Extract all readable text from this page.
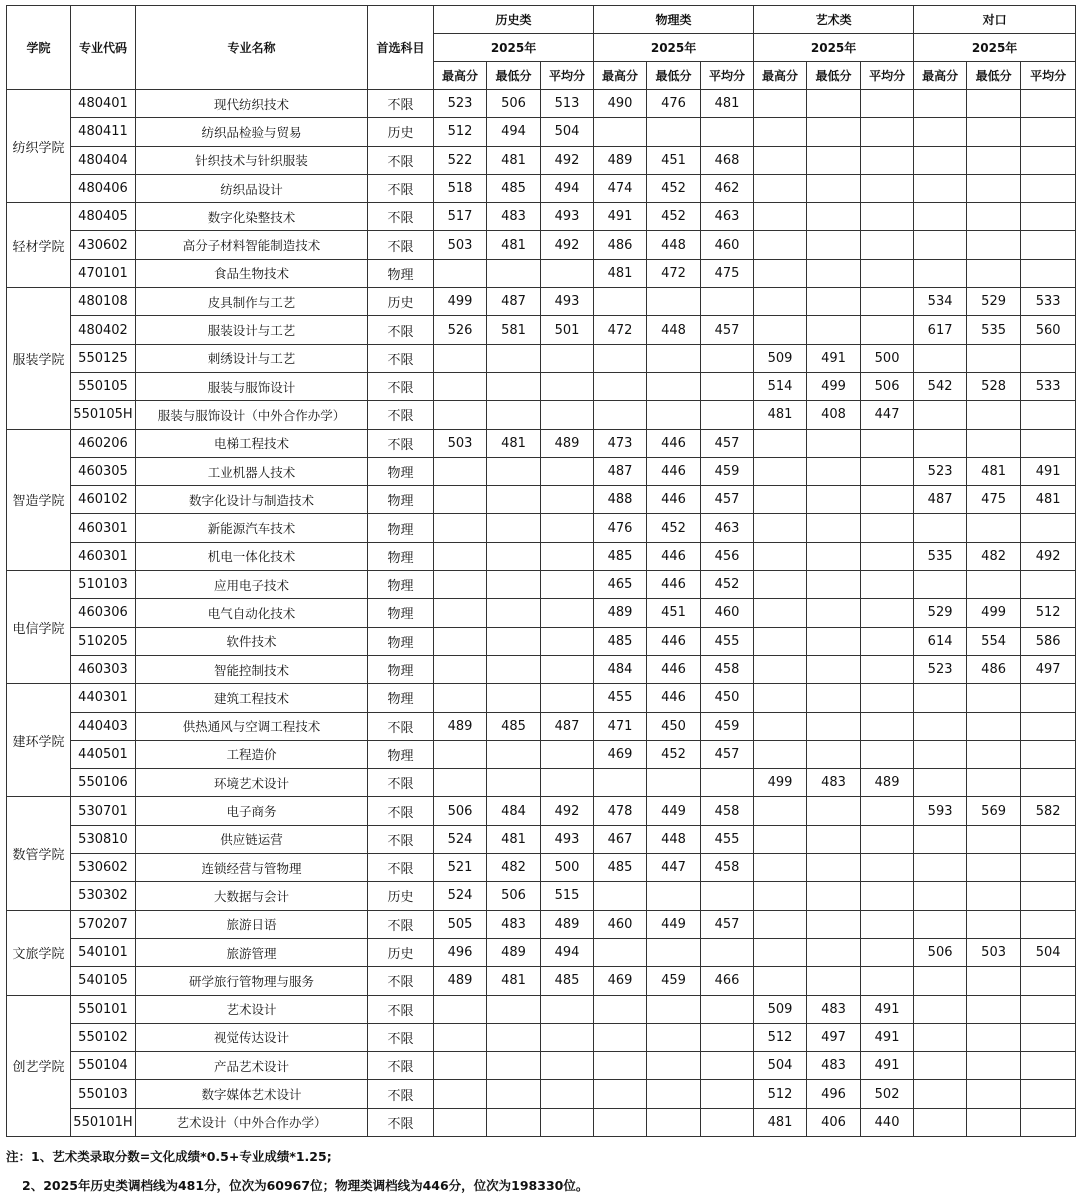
学院	专业代码	专业名称	首选科目	历史类			物理类			艺术类			对口		
				2025年			2025年			2025年			2025年		
				最高分	最低分	平均分	最高分	最低分	平均分	最高分	最低分	平均分	最高分	最低分	平均分
纺织学院	480401	现代纺织技术	不限	523	506	513	490	476	481						
	480411	纺织品检验与贸易	历史	512	494	504									
	480404	针织技术与针织服装	不限	522	481	492	489	451	468						
	480406	纺织品设计	不限	518	485	494	474	452	462						
轻材学院	480405	数字化染整技术	不限	517	483	493	491	452	463						
	430602	高分子材料智能制造技术	不限	503	481	492	486	448	460						
	470101	食品生物技术	物理				481	472	475						
服装学院	480108	皮具制作与工艺	历史	499	487	493							534	529	533
	480402	服装设计与工艺	不限	526	581	501	472	448	457				617	535	560
	550125	刺绣设计与工艺	不限							509	491	500			
	550105	服装与服饰设计	不限							514	499	506	542	528	533
	550105H	服装与服饰设计（中外合作办学）	不限							481	408	447			
智造学院	460206	电梯工程技术	不限	503	481	489	473	446	457						
	460305	工业机器人技术	物理				487	446	459				523	481	491
	460102	数字化设计与制造技术	物理				488	446	457				487	475	481
	460301	新能源汽车技术	物理				476	452	463						
	460301	机电一体化技术	物理				485	446	456				535	482	492
电信学院	510103	应用电子技术	物理				465	446	452						
	460306	电气自动化技术	物理				489	451	460				529	499	512
	510205	软件技术	物理				485	446	455				614	554	586
	460303	智能控制技术	物理				484	446	458				523	486	497
建环学院	440301	建筑工程技术	物理				455	446	450						
	440403	供热通风与空调工程技术	不限	489	485	487	471	450	459						
	440501	工程造价	物理				469	452	457						
	550106	环境艺术设计	不限							499	483	489			
数管学院	530701	电子商务	不限	506	484	492	478	449	458				593	569	582
	530810	供应链运营	不限	524	481	493	467	448	455						
	530602	连锁经营与管物理	不限	521	482	500	485	447	458						
	530302	大数据与会计	历史	524	506	515									
文旅学院	570207	旅游日语	不限	505	483	489	460	449	457						
	540101	旅游管理	历史	496	489	494							506	503	504
	540105	研学旅行管物理与服务	不限	489	481	485	469	459	466						
创艺学院	550101	艺术设计	不限							509	483	491			
	550102	视觉传达设计	不限							512	497	491			
	550104	产品艺术设计	不限							504	483	491			
	550103	数字媒体艺术设计	不限							512	496	502			
	550101H	艺术设计（中外合作办学）	不限							481	406	440			
注：1、艺术类录取分数=文化成绩*0.5+专业成绩*1.25;
2、2025年历史类调档线为481分，位次为60967位；物理类调档线为446分，位次为198330位。
